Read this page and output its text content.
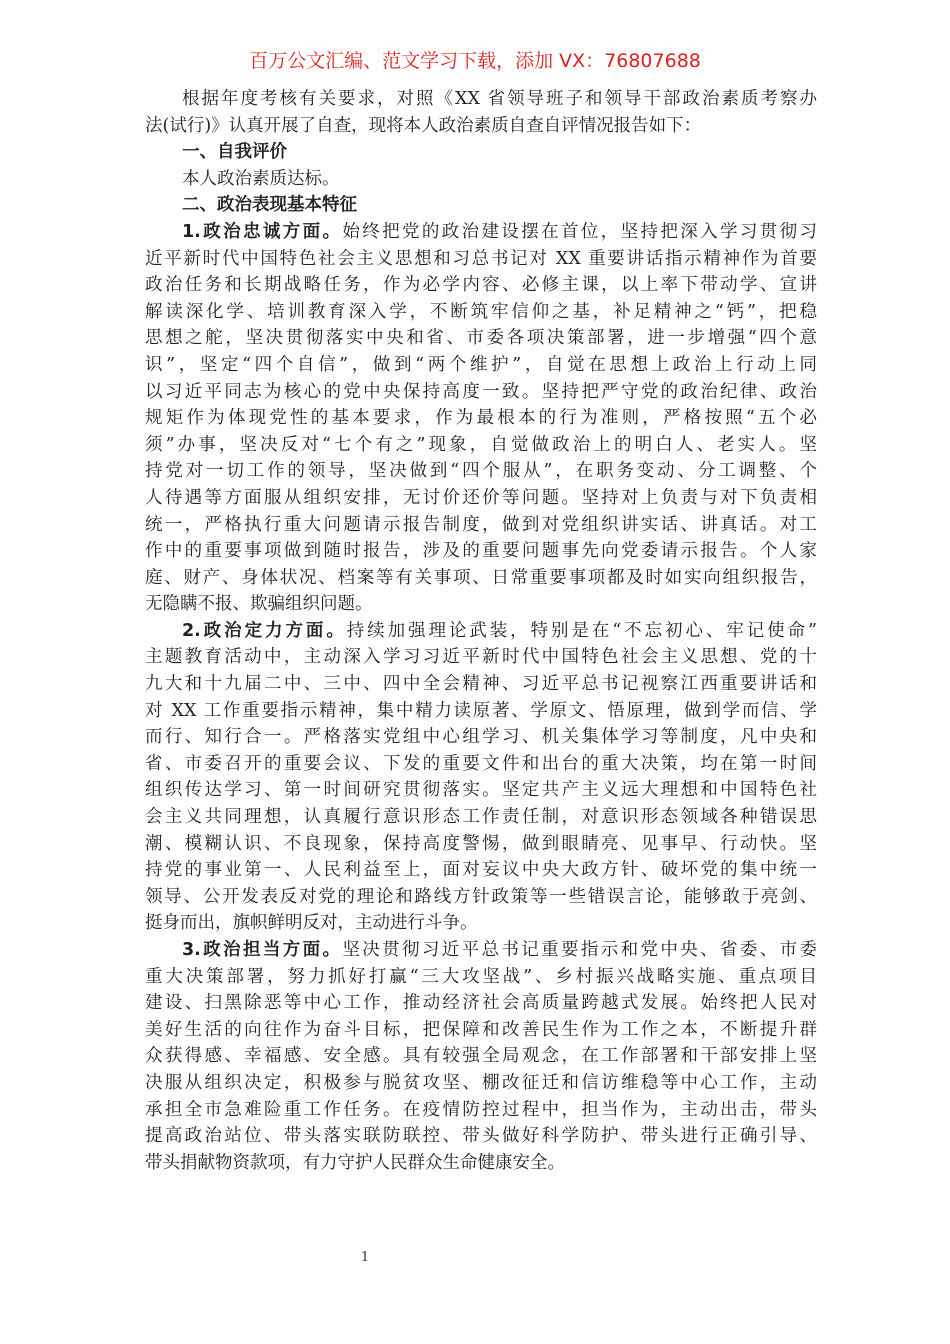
百万公文汇编、范文学习下载，添加 VX：76807688
根据年度考核有关要求，对照《XX 省领导班子和领导干部政治素质考察办
法(试行)》认真开展了自查，现将本人政治素质自查自评情况报告如下：
一、自我评价
本人政治素质达标。
二、政治表现基本特征
1.政治忠诚方面。始终把党的政治建设摆在首位，坚持把深入学习贯彻习
近平新时代中国特色社会主义思想和习总书记对 XX 重要讲话指示精神作为首要
政治任务和长期战略任务，作为必学内容、必修主课，以上率下带动学、宣讲
解读深化学、培训教育深入学，不断筑牢信仰之基，补足精神之“钙”，把稳
思想之舵，坚决贯彻落实中央和省、市委各项决策部署，进一步增强“四个意
识”，坚定“四个自信”，做到“两个维护”，自觉在思想上政治上行动上同
以习近平同志为核心的党中央保持高度一致。坚持把严守党的政治纪律、政治
规矩作为体现党性的基本要求，作为最根本的行为准则，严格按照“五个必
须”办事，坚决反对“七个有之”现象，自觉做政治上的明白人、老实人。坚
持党对一切工作的领导，坚决做到“四个服从”，在职务变动、分工调整、个
人待遇等方面服从组织安排，无讨价还价等问题。坚持对上负责与对下负责相
统一，严格执行重大问题请示报告制度，做到对党组织讲实话、讲真话。对工
作中的重要事项做到随时报告，涉及的重要问题事先向党委请示报告。个人家
庭、财产、身体状况、档案等有关事项、日常重要事项都及时如实向组织报告，
无隐瞒不报、欺骗组织问题。
2.政治定力方面。持续加强理论武装，特别是在“不忘初心、牢记使命”
主题教育活动中，主动深入学习习近平新时代中国特色社会主义思想、党的十
九大和十九届二中、三中、四中全会精神、习近平总书记视察江西重要讲话和
对 XX 工作重要指示精神，集中精力读原著、学原文、悟原理，做到学而信、学
而行、知行合一。严格落实党组中心组学习、机关集体学习等制度，凡中央和
省、市委召开的重要会议、下发的重要文件和出台的重大决策，均在第一时间
组织传达学习、第一时间研究贯彻落实。坚定共产主义远大理想和中国特色社
会主义共同理想，认真履行意识形态工作责任制，对意识形态领域各种错误思
潮、模糊认识、不良现象，保持高度警惕，做到眼睛亮、见事早、行动快。坚
持党的事业第一、人民利益至上，面对妄议中央大政方针、破坏党的集中统一
领导、公开发表反对党的理论和路线方针政策等一些错误言论，能够敢于亮剑、
挺身而出，旗帜鲜明反对，主动进行斗争。
3.政治担当方面。坚决贯彻习近平总书记重要指示和党中央、省委、市委
重大决策部署，努力抓好打赢“三大攻坚战”、乡村振兴战略实施、重点项目
建设、扫黑除恶等中心工作，推动经济社会高质量跨越式发展。始终把人民对
美好生活的向往作为奋斗目标，把保障和改善民生作为工作之本，不断提升群
众获得感、幸福感、安全感。具有较强全局观念，在工作部署和干部安排上坚
决服从组织决定，积极参与脱贫攻坚、棚改征迁和信访维稳等中心工作，主动
承担全市急难险重工作任务。在疫情防控过程中，担当作为，主动出击，带头
提高政治站位、带头落实联防联控、带头做好科学防护、带头进行正确引导、
带头捐献物资款项，有力守护人民群众生命健康安全。
1
